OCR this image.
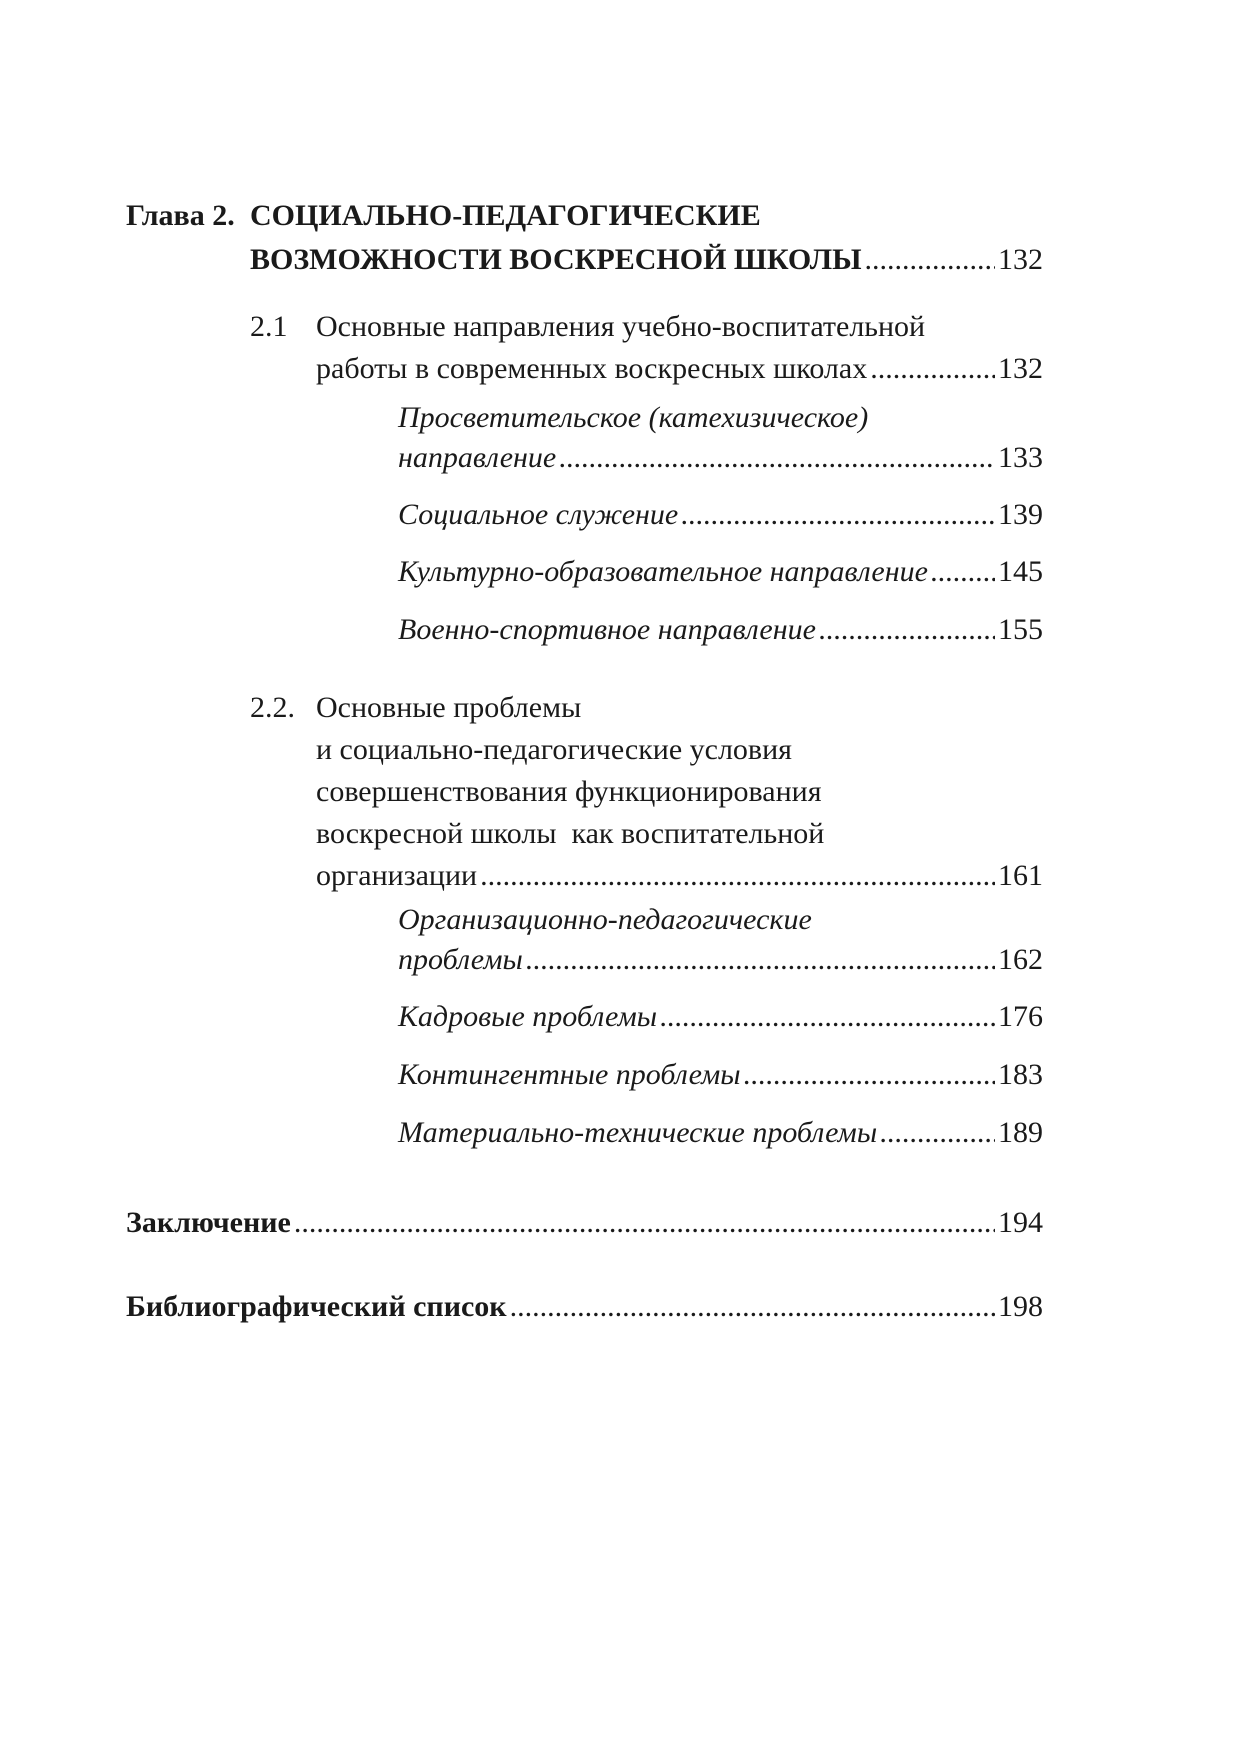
Глава 2. СОЦИАЛЬНО-ПЕДАГОГИЧЕСКИЕ
ВОЗМОЖНОСТИ ВОСКРЕСНОЙ ШКОЛЫ .....	132
2.1 Основные направления учебно-воспитательной
работы в современных воскресных школах .....	132
Просветительское (катехизическое)
направление .....	133
Социальное служение .....	139
Культурно-образовательное направление ..... 145
Военно-спортивное направление .....	155
2.2. Основные проблемы
и социально-педагогические условия
совершенствования функционирования
воскресной школы  как воспитательной
организации .....	161
Организационно-педагогические
проблемы .....	162
Кадровые проблемы .....	176
Контингентные проблемы .....	183
Материально-технические проблемы .....	189
Заключение .....	194
Библиографический список .....	198
